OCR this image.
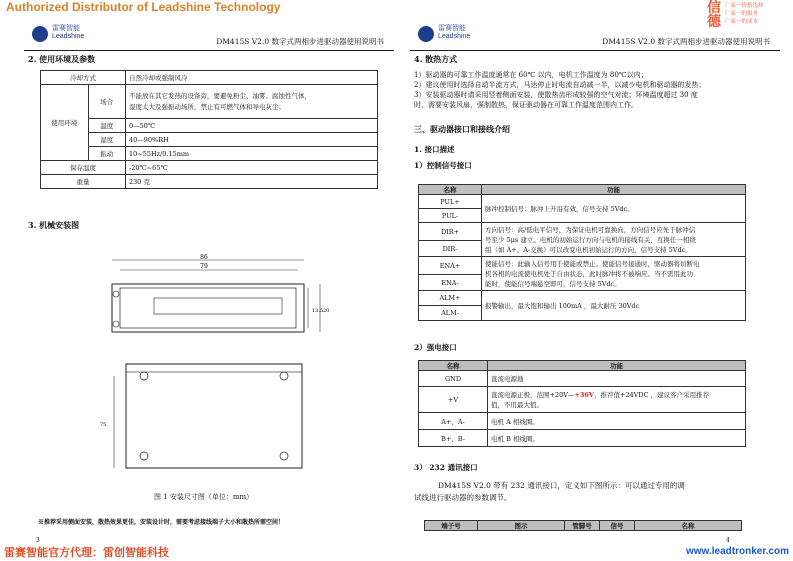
Authorized Distributor of Leadshine Technology	信德
厂家一价格选择
厂家一的服务
厂家一的成本
雷赛智能
Leadshine
DM415S V2.0 数字式两相步进驱动器使用说明书
2. 使用环境及参数
冷却方式		自然冷却或强制风冷
使用环境	场合	不能放在其它发热的设备旁，要避免粉尘、油雾、腐蚀性气体，
湿度太大及强振动场所，禁止有可燃气体和导电灰尘；

	温度	0—50℃
	湿度	40—90%RH
	振动	10~55Hz/0.15mm
保存温度		-20℃~65℃
重量		230 克
3. 机械安装图
86
79
13.5 20
75
图 1 安装尺寸图（单位：mm）
※推荐采用侧面安装，散热效果更佳，安装设计时，需要考虑接线端子大小和散热所需空间！
3
雷赛智能
Leadshine
DM415S V2.0 数字式两相步进驱动器使用说明书
4. 散热方式
1）驱动器的可靠工作温度通常在 60℃ 以内，电机工作温度为 80℃以内；
2）建议使用时选择自动半流方式，马达停止时电流自动减一半，以减少电机和驱动器的发热；
3）安装驱动器时请采用竖着侧面安装，使散热齿形成较强的空气对流；环境温度超过 30 度
时，需要安装风扇，强制散热，保证驱动器在可靠工作温度范围内工作。
三、驱动器接口和接线介绍
1. 接口描述
1）控制信号接口
名称	功能
PUL+	脉冲控制信号：脉冲上升沿有效，信号支持 5Vdc。
PUL-	
DIR+	方向信号：高/低电平信号，为保证电机可靠换向，方向信号应先于脉冲信
号至少 5μs 建立。电机的初始运行方向与电机的接线有关，互换任一相绕
组（如 A+、A-交换）可以改变电机初始运行的方向，信号支持 5Vdc。

DIR-	
ENA+	使能信号：此输入信号用于使能或禁止。使能信号接通时，驱动器将切断电
机各相的电流使电机处于自由状态，此时脉冲将不被响应。当不需用此功
能时，使能信号端悬空即可，信号支持 5Vdc。

ENA-	
ALM+	报警输出，最大饱和输出 100mA ，最大耐压 30Vdc
ALM-	
2）强电接口
名称	功能
GND	直流电源地
+V	直流电源正极，范围+20V—+36V，推荐值+24VDC ，建议客户采用推荐
值，不用最大值。

A+、A-	电机 A 相线圈。
B+、B-	电机 B 相线圈。
3） 232 通讯接口
DM415S V2.0 带有 232 通讯接口，定义如下图所示：可以通过专用的调
试线进行驱动器的参数调节。
端子号	图示	管脚号	信号	名称
4
雷赛智能官方代理：雷创智能科技	www.leadtronker.com
